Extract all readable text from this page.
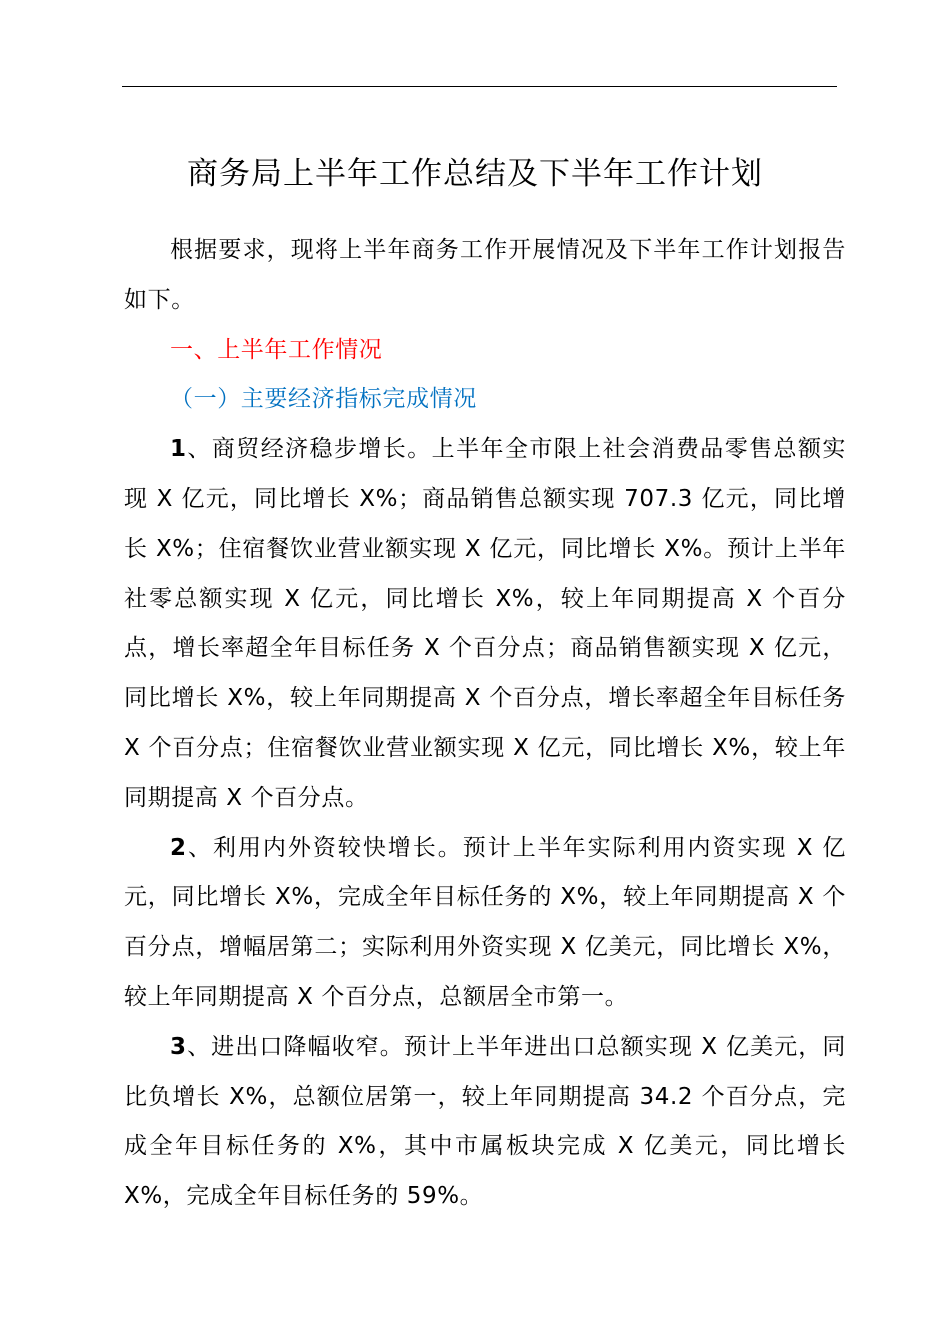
商务局上半年工作总结及下半年工作计划

根据要求，现将上半年商务工作开展情况及下半年工作计划报告如下。

一、上半年工作情况

（一）主要经济指标完成情况

1、商贸经济稳步增长。上半年全市限上社会消费品零售总额实现 X 亿元，同比增长 X%；商品销售总额实现 707.3 亿元，同比增长 X%；住宿餐饮业营业额实现 X 亿元，同比增长 X%。预计上半年社零总额实现 X 亿元，同比增长 X%，较上年同期提高 X 个百分点，增长率超全年目标任务 X 个百分点；商品销售额实现 X 亿元，同比增长 X%，较上年同期提高 X 个百分点，增长率超全年目标任务 X 个百分点；住宿餐饮业营业额实现 X 亿元，同比增长 X%，较上年同期提高 X 个百分点。

2、利用内外资较快增长。预计上半年实际利用内资实现 X 亿元，同比增长 X%，完成全年目标任务的 X%，较上年同期提高 X 个百分点，增幅居第二；实际利用外资实现 X 亿美元，同比增长 X%，较上年同期提高 X 个百分点，总额居全市第一。

3、进出口降幅收窄。预计上半年进出口总额实现 X 亿美元，同比负增长 X%，总额位居第一，较上年同期提高 34.2 个百分点，完成全年目标任务的 X%，其中市属板块完成 X 亿美元，同比增长 X%，完成全年目标任务的 59%。
